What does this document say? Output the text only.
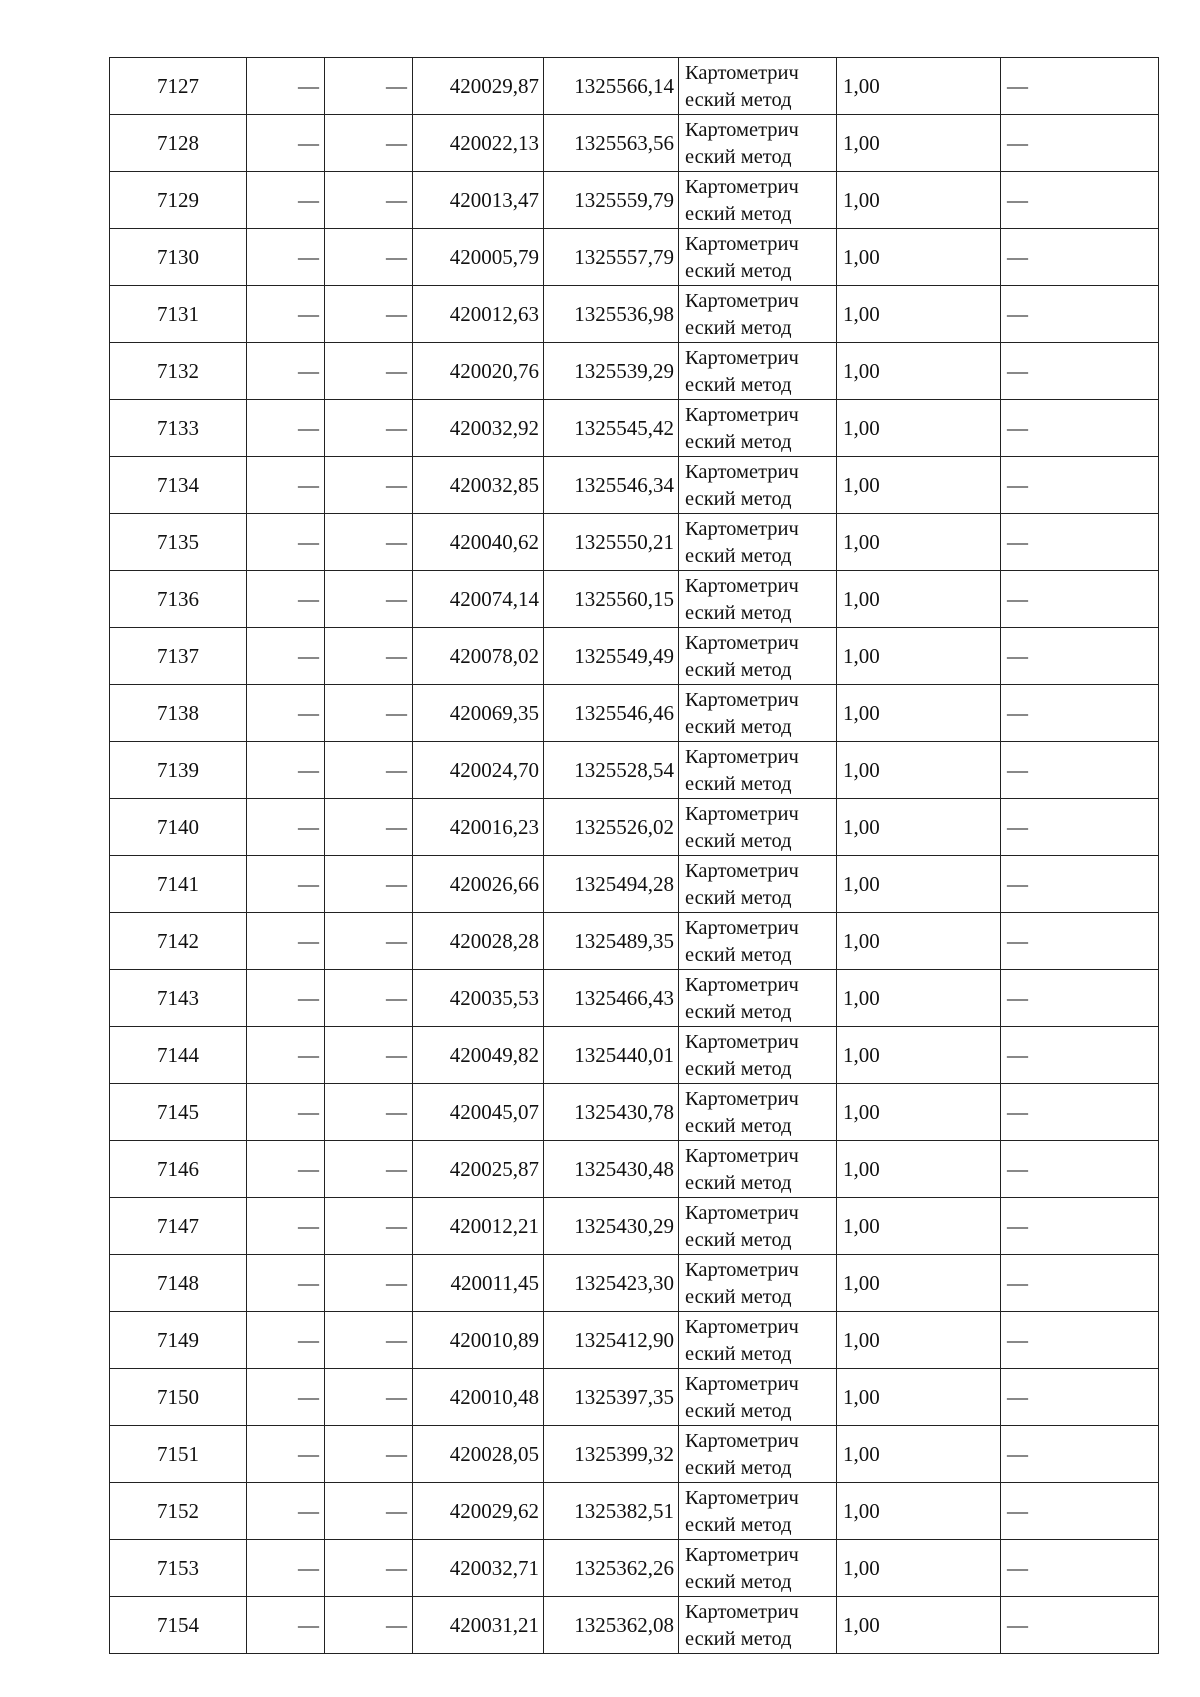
7127	—	—	420029,87	1325566,14	Картометрич
еский метод	1,00	—
7128	—	—	420022,13	1325563,56	Картометрич
еский метод	1,00	—
7129	—	—	420013,47	1325559,79	Картометрич
еский метод	1,00	—
7130	—	—	420005,79	1325557,79	Картометрич
еский метод	1,00	—
7131	—	—	420012,63	1325536,98	Картометрич
еский метод	1,00	—
7132	—	—	420020,76	1325539,29	Картометрич
еский метод	1,00	—
7133	—	—	420032,92	1325545,42	Картометрич
еский метод	1,00	—
7134	—	—	420032,85	1325546,34	Картометрич
еский метод	1,00	—
7135	—	—	420040,62	1325550,21	Картометрич
еский метод	1,00	—
7136	—	—	420074,14	1325560,15	Картометрич
еский метод	1,00	—
7137	—	—	420078,02	1325549,49	Картометрич
еский метод	1,00	—
7138	—	—	420069,35	1325546,46	Картометрич
еский метод	1,00	—
7139	—	—	420024,70	1325528,54	Картометрич
еский метод	1,00	—
7140	—	—	420016,23	1325526,02	Картометрич
еский метод	1,00	—
7141	—	—	420026,66	1325494,28	Картометрич
еский метод	1,00	—
7142	—	—	420028,28	1325489,35	Картометрич
еский метод	1,00	—
7143	—	—	420035,53	1325466,43	Картометрич
еский метод	1,00	—
7144	—	—	420049,82	1325440,01	Картометрич
еский метод	1,00	—
7145	—	—	420045,07	1325430,78	Картометрич
еский метод	1,00	—
7146	—	—	420025,87	1325430,48	Картометрич
еский метод	1,00	—
7147	—	—	420012,21	1325430,29	Картометрич
еский метод	1,00	—
7148	—	—	420011,45	1325423,30	Картометрич
еский метод	1,00	—
7149	—	—	420010,89	1325412,90	Картометрич
еский метод	1,00	—
7150	—	—	420010,48	1325397,35	Картометрич
еский метод	1,00	—
7151	—	—	420028,05	1325399,32	Картометрич
еский метод	1,00	—
7152	—	—	420029,62	1325382,51	Картометрич
еский метод	1,00	—
7153	—	—	420032,71	1325362,26	Картометрич
еский метод	1,00	—
7154	—	—	420031,21	1325362,08	Картометрич
еский метод	1,00	—
